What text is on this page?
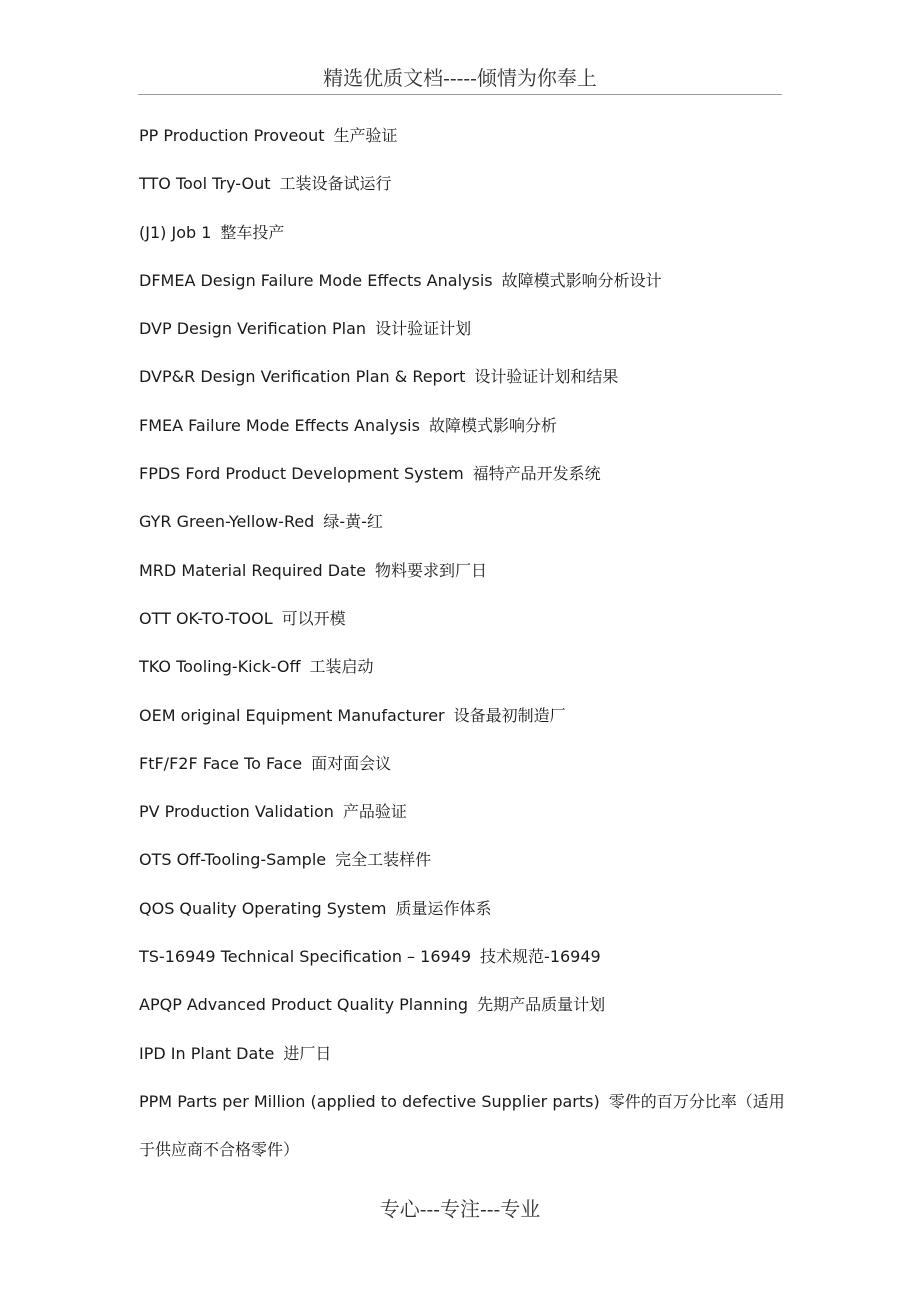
精选优质文档-----倾情为你奉上
PP Production Proveout 生产验证
TTO Tool Try-Out 工装设备试运行
(J1) Job 1 整车投产
DFMEA Design Failure Mode Effects Analysis 故障模式影响分析设计
DVP Design Verification Plan 设计验证计划
DVP&R Design Verification Plan & Report 设计验证计划和结果
FMEA Failure Mode Effects Analysis 故障模式影响分析
FPDS Ford Product Development System 福特产品开发系统
GYR Green-Yellow-Red 绿-黄-红
MRD Material Required Date 物料要求到厂日
OTT OK-TO-TOOL 可以开模
TKO Tooling-Kick-Off 工装启动
OEM original Equipment Manufacturer 设备最初制造厂
FtF/F2F Face To Face 面对面会议
PV Production Validation 产品验证
OTS Off-Tooling-Sample 完全工装样件
QOS Quality Operating System 质量运作体系
TS-16949 Technical Specification – 16949 技术规范-16949
APQP Advanced Product Quality Planning 先期产品质量计划
IPD In Plant Date 进厂日
PPM Parts per Million (applied to defective Supplier parts) 零件的百万分比率（适用于供应商不合格零件）
专心---专注---专业
